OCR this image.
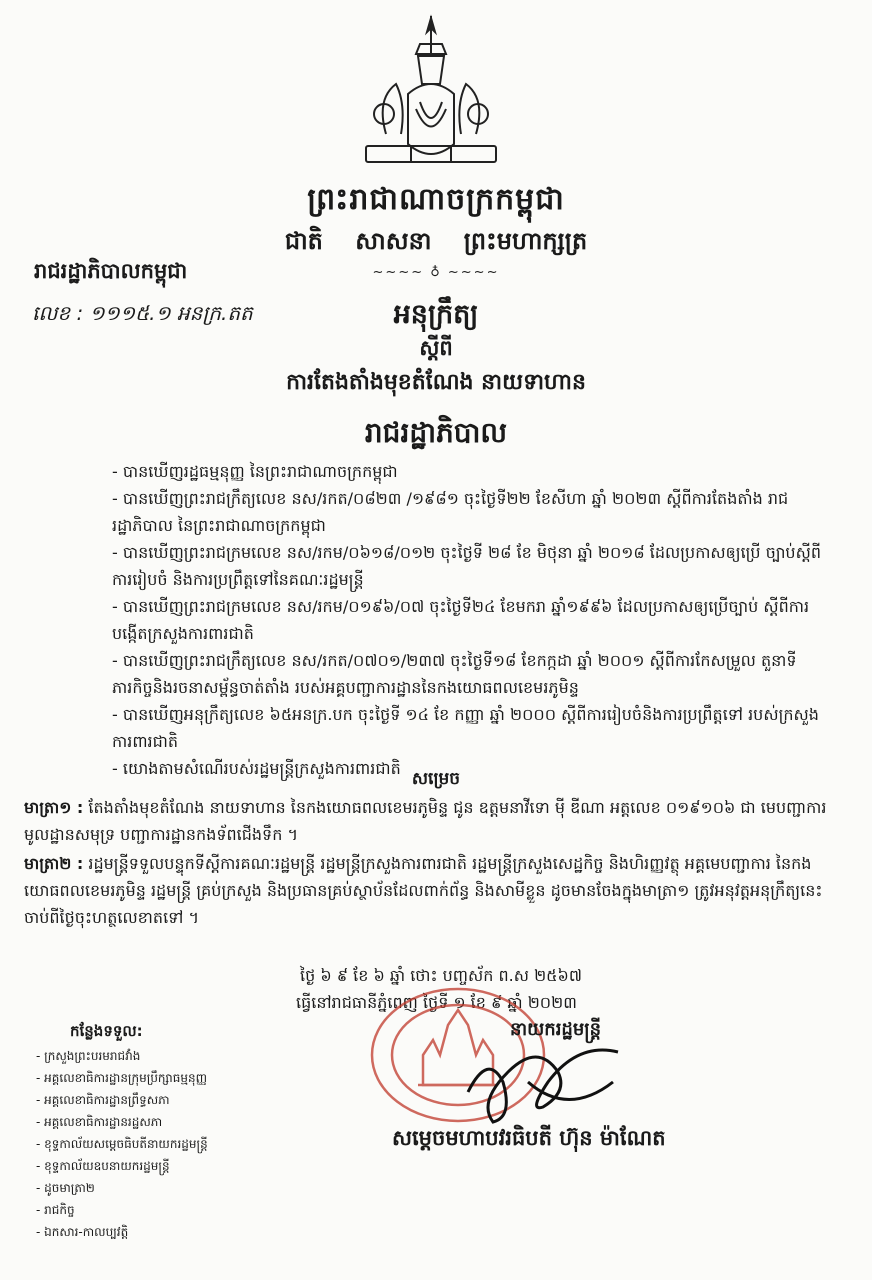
ព្រះរាជាណាចក្រកម្ពុជា
ជាតិ សាសនា ព្រះមហាក្សត្រ
~~~~ ♁ ~~~~
រាជរដ្ឋាភិបាលកម្ពុជា
លេខ : ១១១៥.១ អនក្រ.តត	អនុក្រឹត្យ
ស្តីពី
ការតែងតាំងមុខតំណែង នាយទាហាន
រាជរដ្ឋាភិបាល
- បានឃើញរដ្ឋធម្មនុញ្ញ នៃព្រះរាជាណាចក្រកម្ពុជា
- បានឃើញព្រះរាជក្រឹត្យលេខ នស/រកត/០៨២៣ /១៩៨១ ចុះថ្ងៃទី២២ ខែសីហា ឆ្នាំ ២០២៣ ស្តីពីការតែងតាំង រាជរដ្ឋាភិបាល នៃព្រះរាជាណាចក្រកម្ពុជា
- បានឃើញព្រះរាជក្រមលេខ នស/រកម/០៦១៨/០១២ ចុះថ្ងៃទី ២៨ ខែ មិថុនា ឆ្នាំ ២០១៨ ដែលប្រកាសឲ្យប្រើ ច្បាប់ស្តីពីការរៀបចំ និងការប្រព្រឹត្តទៅនៃគណៈរដ្ឋមន្ត្រី
- បានឃើញព្រះរាជក្រមលេខ នស/រកម/០១៩៦/០៧ ចុះថ្ងៃទី២៤ ខែមករា ឆ្នាំ១៩៩៦ ដែលប្រកាសឲ្យប្រើច្បាប់ ស្តីពីការបង្កើតក្រសួងការពារជាតិ
- បានឃើញព្រះរាជក្រឹត្យលេខ នស/រកត/០៧០១/២៣៧ ចុះថ្ងៃទី១៨ ខែកក្កដា ឆ្នាំ ២០០១ ស្តីពីការកែសម្រួល តួនាទី ភារកិច្ចនិងរចនាសម្ព័ន្ធចាត់តាំង របស់អគ្គបញ្ជាការដ្ឋាននៃកងយោធពលខេមរភូមិន្ទ
- បានឃើញអនុក្រឹត្យលេខ ៦៥អនក្រ.បក ចុះថ្ងៃទី ១៤ ខែ កញ្ញា ឆ្នាំ ២០០០ ស្តីពីការរៀបចំនិងការប្រព្រឹត្តទៅ របស់ក្រសួងការពារជាតិ
- យោងតាមសំណើរបស់រដ្ឋមន្ត្រីក្រសួងការពារជាតិ
សម្រេច
មាត្រា១ : តែងតាំងមុខតំណែង នាយទាហាន នៃកងយោធពលខេមរភូមិន្ទ ជូន ឧត្តមនាវីទោ ម៉ី ឌីណា អត្តលេខ ០១៩១០៦ ជា មេបញ្ជាការ មូលដ្ឋានសមុទ្រ បញ្ជាការដ្ឋានកងទ័ពជើងទឹក ។
មាត្រា២ : រដ្ឋមន្ត្រីទទួលបន្ទុកទីស្តីការគណៈរដ្ឋមន្ត្រី រដ្ឋមន្ត្រីក្រសួងការពារជាតិ រដ្ឋមន្ត្រីក្រសួងសេដ្ឋកិច្ច និងហិរញ្ញវត្ថុ អគ្គមេបញ្ជាការ នៃកងយោធពលខេមរភូមិន្ទ រដ្ឋមន្ត្រី គ្រប់ក្រសួង និងប្រធានគ្រប់ស្ថាប័នដែលពាក់ព័ន្ធ និងសាមីខ្លួន ដូចមានចែងក្នុងមាត្រា១ ត្រូវអនុវត្តអនុក្រឹត្យនេះចាប់ពីថ្ងៃចុះហត្ថលេខាតទៅ ។
ថ្ងៃ ៦ ៩ ខែ ៦ ឆ្នាំ ថោះ បញ្ចស័ក ព.ស ២៥៦៧
ធ្វើនៅរាជធានីភ្នំពេញ ថ្ងៃទី ១ ខែ ៩ ឆ្នាំ ២០២៣
នាយករដ្ឋមន្ត្រី
សម្តេចមហាបវរធិបតី ហ៊ុន ម៉ាណែត
កន្លែងទទួល:
- ក្រសួងព្រះបរមរាជវាំង
- អគ្គលេខាធិការដ្ឋានក្រុមប្រឹក្សាធម្មនុញ្ញ
- អគ្គលេខាធិការដ្ឋានព្រឹទ្ធសភា
- អគ្គលេខាធិការដ្ឋានរដ្ឋសភា
- ខុទ្ទកាល័យសម្តេចធិបតីនាយករដ្ឋមន្ត្រី
- ខុទ្ទកាល័យឧបនាយករដ្ឋមន្ត្រី
- ដូចមាត្រា២
- រាជកិច្ច
- ឯកសារ-កាលប្បវត្តិ
